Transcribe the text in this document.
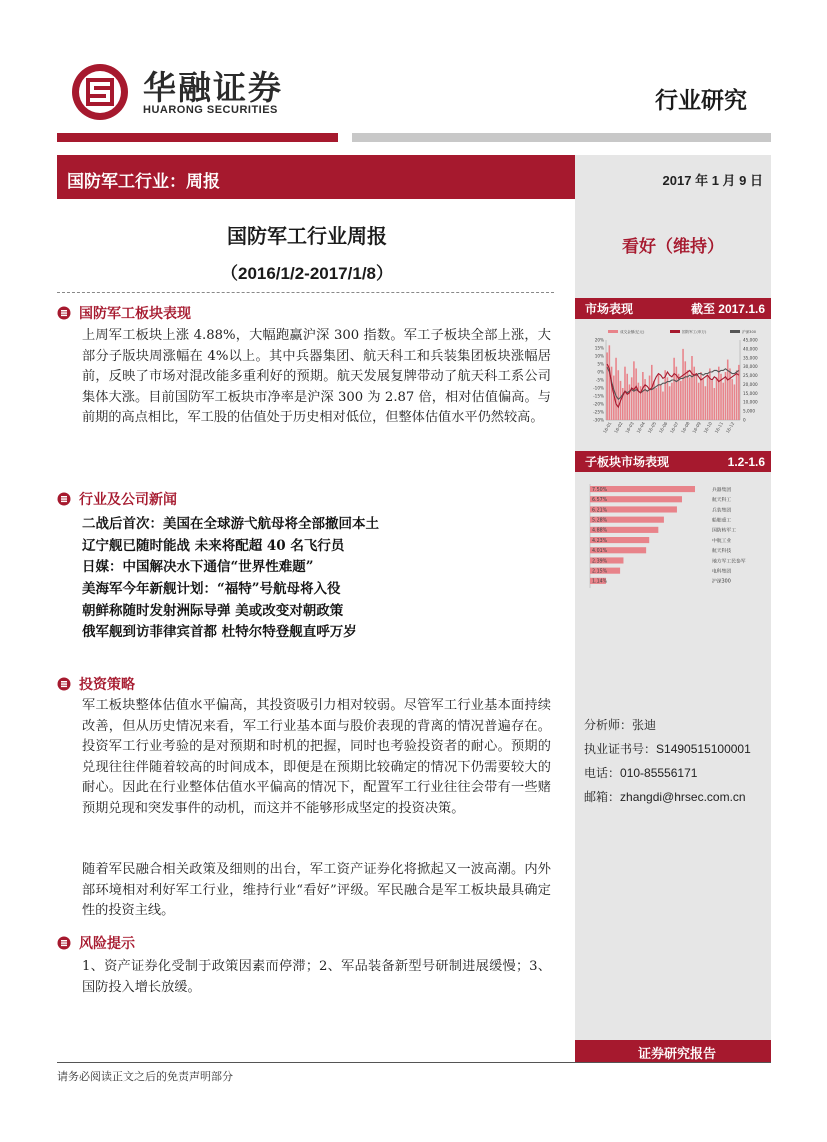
华融证券
HUARONG SECURITIES	行业研究
国防军工行业：周报	2017 年 1 月 9 日
看好（维持）
国防军工行业周报
（2016/1/2-2017/1/8）
国防军工板块表现
上周军工板块上涨 4.88%，大幅跑赢沪深 300 指数。军工子板块全部上涨，大部分子版块周涨幅在 4%以上。其中兵器集团、航天科工和兵装集团板块涨幅居前，反映了市场对混改能多重利好的预期。航天发展复牌带动了航天科工系公司集体大涨。目前国防军工板块市净率是沪深 300 为 2.87 倍，相对估值偏高。与前期的高点相比，军工股的估值处于历史相对低位，但整体估值水平仍然较高。
行业及公司新闻
二战后首次：美国在全球游弋航母将全部撤回本土
辽宁舰已随时能战 未来将配超 40 名飞行员
日媒：中国解决水下通信“世界性难题”
美海军今年新舰计划：“福特”号航母将入役
朝鲜称随时发射洲际导弹 美或改变对朝政策
俄军舰到访菲律宾首都 杜特尔特登舰直呼万岁
投资策略
军工板块整体估值水平偏高，其投资吸引力相对较弱。尽管军工行业基本面持续改善，但从历史情况来看，军工行业基本面与股价表现的背离的情况普遍存在。投资军工行业考验的是对预期和时机的把握，同时也考验投资者的耐心。预期的兑现往往伴随着较高的时间成本，即便是在预期比较确定的情况下仍需要较大的耐心。因此在行业整体估值水平偏高的情况下，配置军工行业往往会带有一些赌预期兑现和突发事件的动机，而这并不能够形成坚定的投资决策。
随着军民融合相关政策及细则的出台，军工资产证券化将掀起又一波高潮。内外部环境相对利好军工行业，维持行业“看好”评级。军民融合是军工板块最具确定性的投资主线。
风险提示
1、资产证券化受制于政策因素而停滞；2、军品装备新型号研制进展缓慢；3、国防投入增长放缓。
市场表现	截至 2017.1.6
成交金额(亿元)	国防军工(申万)	沪深300
20%
15%
10%
5%
0%
-5%
-10%
-15%
-20%
-25%
-30%
45,000
40,000
35,000
30,000
25,000
20,000
15,000
10,000
5,000
0
16-01 16-02 16-03 16-04 16-05 16-06 16-07 16-08 16-09 16-10 16-11 16-12
子板块市场表现	1.2-1.6
7.50%	兵器集团
6.57%	航天科工
6.21%	兵装集团
5.28%	船舶重工
4.88%	国防转军工
4.23%	中航工业
4.01%	航天科技
2.39%	地方军工民参军
2.15%	电科集团
1.14%	沪深300
分析师：张迪
执业证书号：S1490515100001
电话：010-85556171
邮箱：zhangdi@hrsec.com.cn
证券研究报告
请务必阅读正文之后的免责声明部分
